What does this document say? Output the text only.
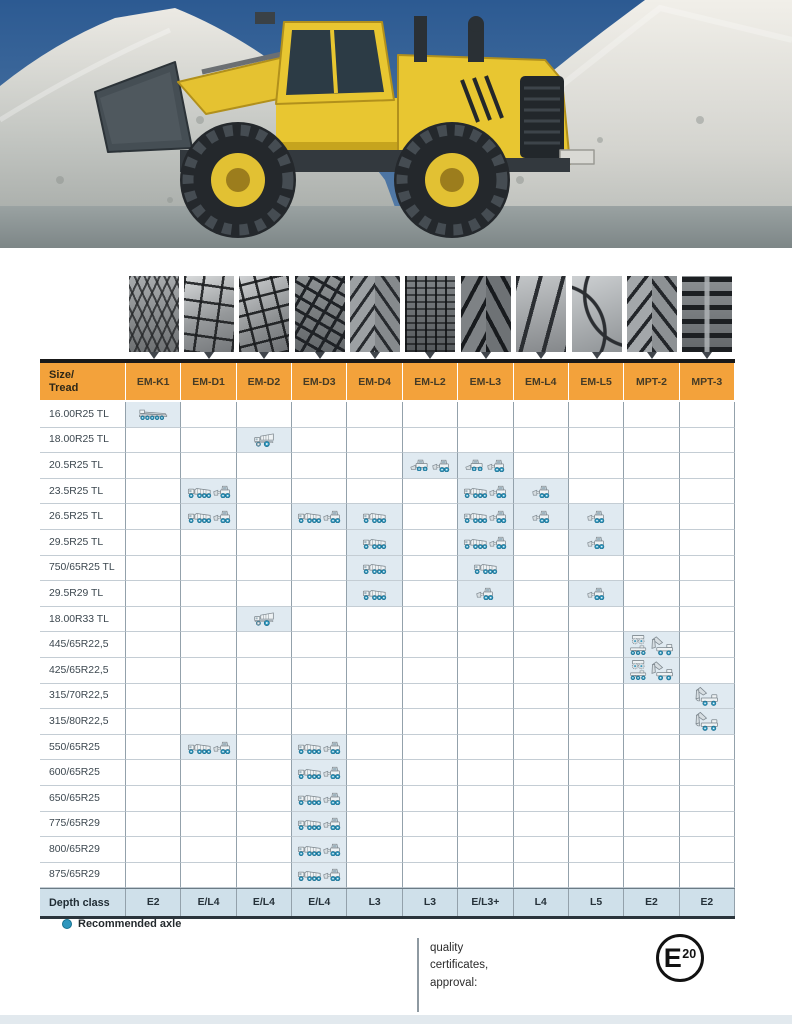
Size/
Tread	EM-K1	EM-D1	EM-D2	EM-D3	EM-D4	EM-L2	EM-L3	EM-L4	EM-L5	MPT-2	MPT-3
16.00R25 TL
18.00R25 TL
20.5R25 TL
23.5R25 TL
26.5R25 TL
29.5R25 TL
750/65R25 TL
29.5R29 TL
18.00R33 TL
445/65R22,5
425/65R22,5
315/70R22,5
315/80R22,5
550/65R25
600/65R25
650/65R25
775/65R29
800/65R29
875/65R29
Depth class	E2	E/L4	E/L4	E/L4	L3	L3	E/L3+	L4	L5	E2	E2
Recommended axle
quality
certificates,
approval:
E 20
